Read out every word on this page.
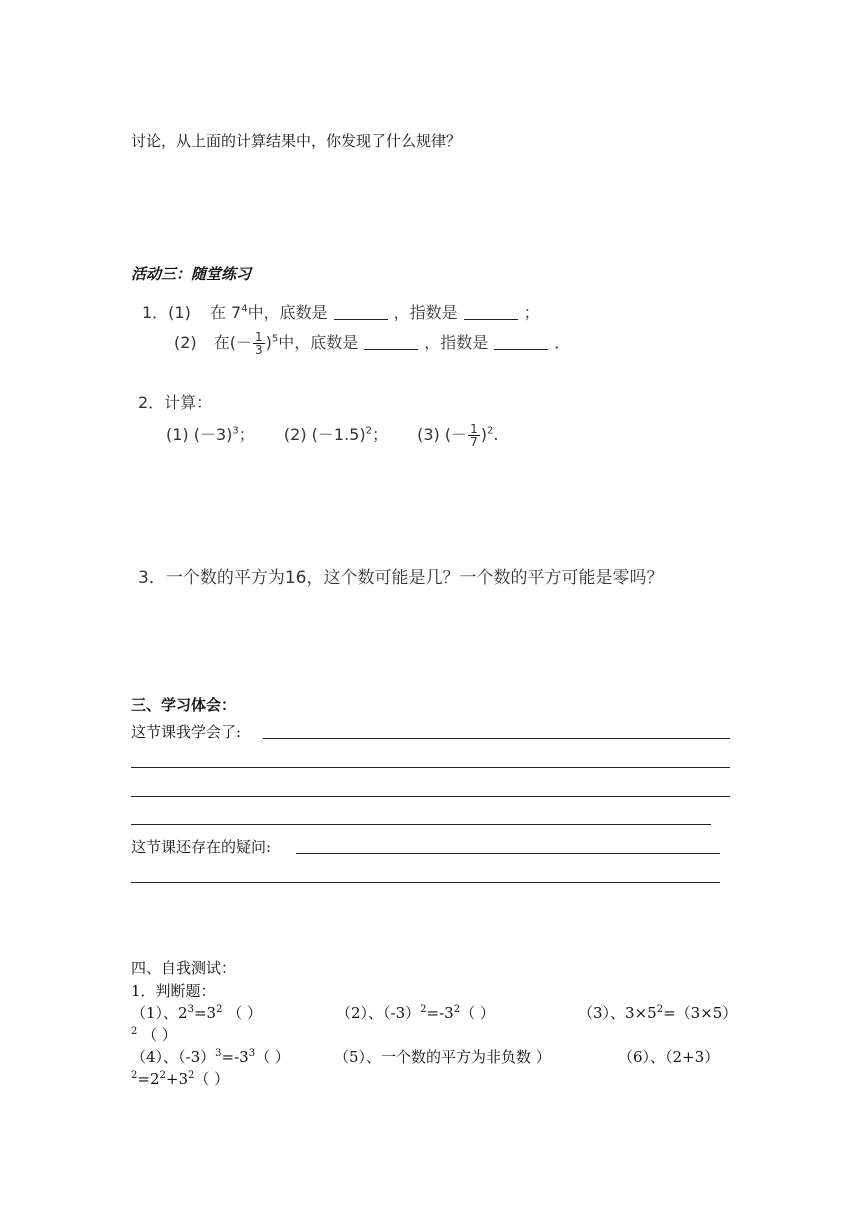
讨论，从上面的计算结果中，你发现了什么规律？
活动三：随堂练习
1．(1) 在 $7^4$中，底数是	，指数是	；
(2) 在(－ $\frac{1}{3} )^5$中，底数是	，指数是	．
2．计算：
(1) $(-3)^3$； (2) $(-1.5)^2$； (3) (－ $\frac{1}{7} )^2$.
3．一个数的平方为16，这个数可能是几？一个数的平方可能是零吗？
三、学习体会：
这节课我学会了:
这节课还存在的疑问:
四、自我测试：
1．判断题：
（1）、$2^3=3^2$ （ ）	（2）、$(-3)^2=-3^2$（ ）	（3）、$3\times 5^2=(3\times 5)$
$^2$ （ ）
（4）、$(-3)^3=-3^3$（ ）	（5）、一个数的平方为非负数 ）	（6）、（2+3）
$^2=2^2+3^2$（ ）
